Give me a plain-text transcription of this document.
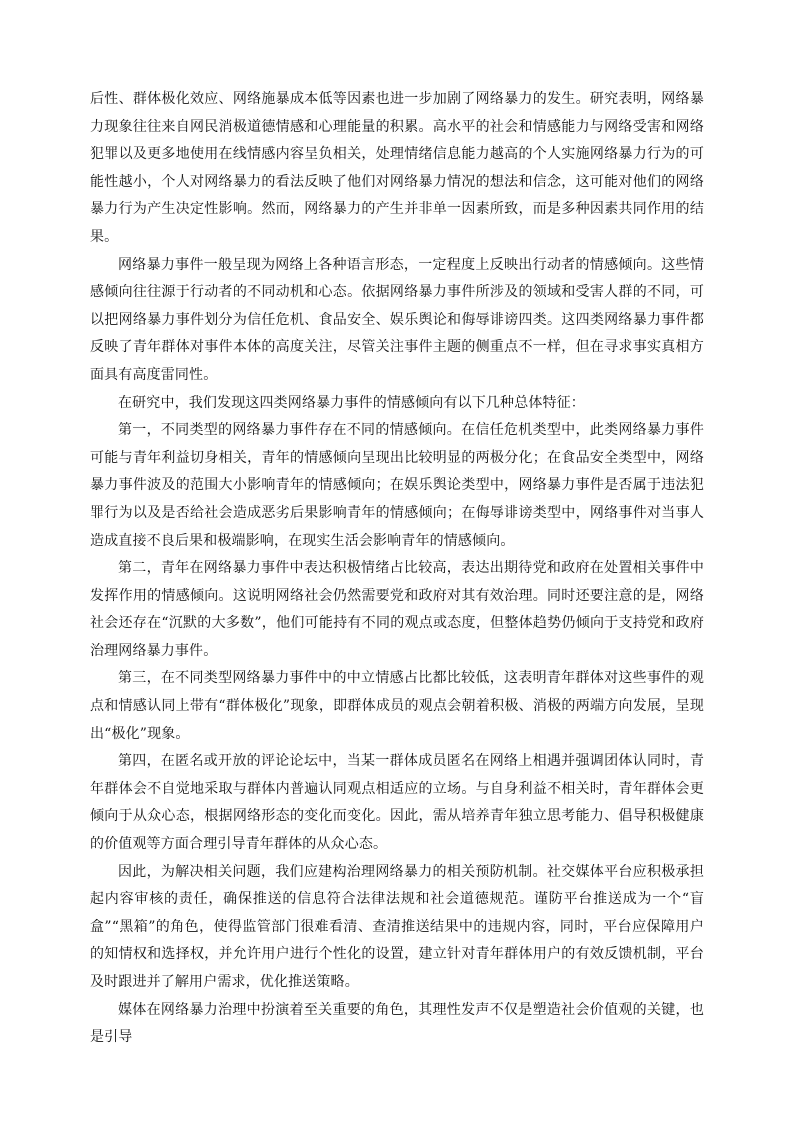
后性、群体极化效应、网络施暴成本低等因素也进一步加剧了网络暴力的发生。研究表明，网络暴力现象往往来自网民消极道德情感和心理能量的积累。高水平的社会和情感能力与网络受害和网络犯罪以及更多地使用在线情感内容呈负相关，处理情绪信息能力越高的个人实施网络暴力行为的可能性越小，个人对网络暴力的看法反映了他们对网络暴力情况的想法和信念，这可能对他们的网络暴力行为产生决定性影响。然而，网络暴力的产生并非单一因素所致，而是多种因素共同作用的结果。

网络暴力事件一般呈现为网络上各种语言形态，一定程度上反映出行动者的情感倾向。这些情感倾向往往源于行动者的不同动机和心态。依据网络暴力事件所涉及的领域和受害人群的不同，可以把网络暴力事件划分为信任危机、食品安全、娱乐舆论和侮辱诽谤四类。这四类网络暴力事件都反映了青年群体对事件本体的高度关注，尽管关注事件主题的侧重点不一样，但在寻求事实真相方面具有高度雷同性。

在研究中，我们发现这四类网络暴力事件的情感倾向有以下几种总体特征：

第一，不同类型的网络暴力事件存在不同的情感倾向。在信任危机类型中，此类网络暴力事件可能与青年利益切身相关，青年的情感倾向呈现出比较明显的两极分化；在食品安全类型中，网络暴力事件波及的范围大小影响青年的情感倾向；在娱乐舆论类型中，网络暴力事件是否属于违法犯罪行为以及是否给社会造成恶劣后果影响青年的情感倾向；在侮辱诽谤类型中，网络事件对当事人造成直接不良后果和极端影响，在现实生活会影响青年的情感倾向。

第二，青年在网络暴力事件中表达积极情绪占比较高，表达出期待党和政府在处置相关事件中发挥作用的情感倾向。这说明网络社会仍然需要党和政府对其有效治理。同时还要注意的是，网络社会还存在“沉默的大多数”，他们可能持有不同的观点或态度，但整体趋势仍倾向于支持党和政府治理网络暴力事件。

第三，在不同类型网络暴力事件中的中立情感占比都比较低，这表明青年群体对这些事件的观点和情感认同上带有“群体极化”现象，即群体成员的观点会朝着积极、消极的两端方向发展，呈现出“极化”现象。

第四，在匿名或开放的评论论坛中，当某一群体成员匿名在网络上相遇并强调团体认同时，青年群体会不自觉地采取与群体内普遍认同观点相适应的立场。与自身利益不相关时，青年群体会更倾向于从众心态，根据网络形态的变化而变化。因此，需从培养青年独立思考能力、倡导积极健康的价值观等方面合理引导青年群体的从众心态。

因此，为解决相关问题，我们应建构治理网络暴力的相关预防机制。社交媒体平台应积极承担起内容审核的责任，确保推送的信息符合法律法规和社会道德规范。谨防平台推送成为一个“盲盒”“黑箱”的角色，使得监管部门很难看清、查清推送结果中的违规内容，同时，平台应保障用户的知情权和选择权，并允许用户进行个性化的设置，建立针对青年群体用户的有效反馈机制，平台及时跟进并了解用户需求，优化推送策略。

媒体在网络暴力治理中扮演着至关重要的角色，其理性发声不仅是塑造社会价值观的关键，也是引导
